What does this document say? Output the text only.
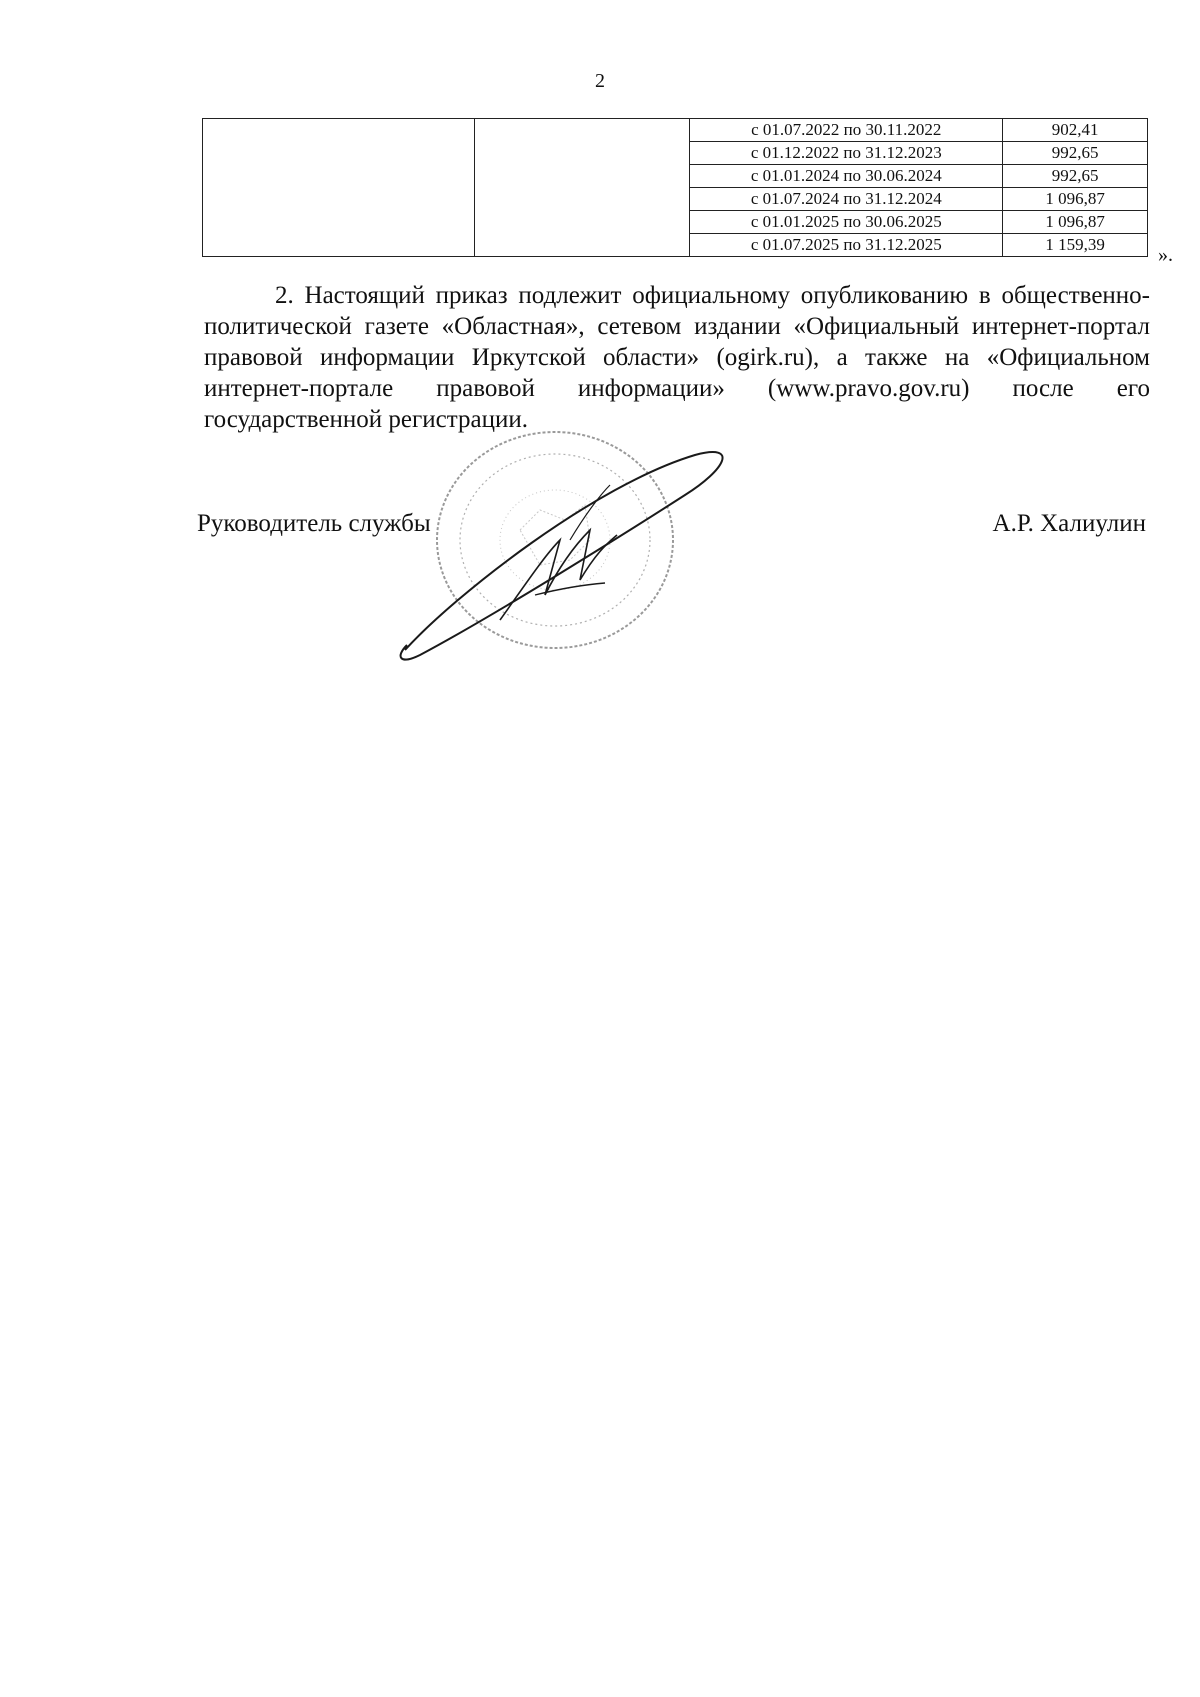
2
		с 01.07.2022 по 30.11.2022	902,41
		с 01.12.2022 по 31.12.2023	992,65
		с 01.01.2024 по 30.06.2024	992,65
		с 01.07.2024 по 31.12.2024	1 096,87
		с 01.01.2025 по 30.06.2025	1 096,87
		с 01.07.2025 по 31.12.2025	1 159,39	».
2. Настоящий приказ подлежит официальному опубликованию в общественно-политической газете «Областная», сетевом издании «Официальный интернет-портал правовой информации Иркутской области» (ogirk.ru), а также на «Официальном интернет-портале правовой информации» (www.pravo.gov.ru) после его государственной регистрации.
Руководитель службы	А.Р. Халиулин
